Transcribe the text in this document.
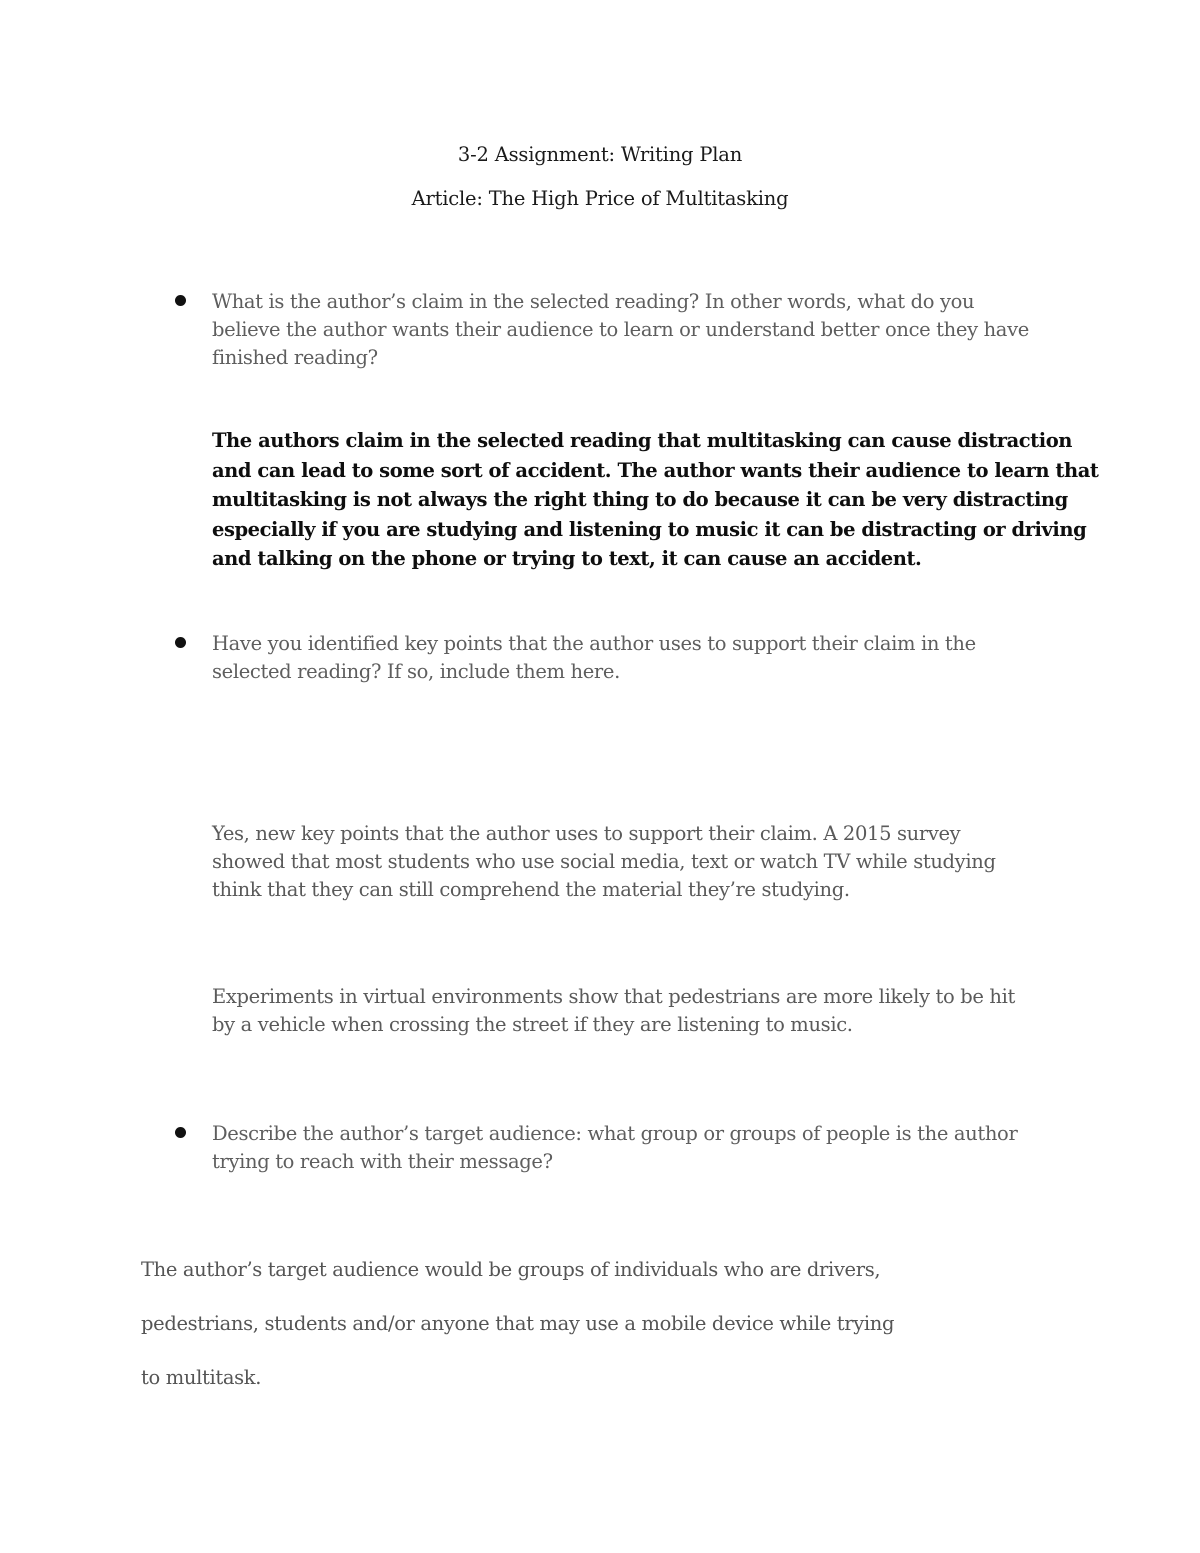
3-2 Assignment: Writing Plan
Article: The High Price of Multitasking

What is the author’s claim in the selected reading? In other words, what do you
believe the author wants their audience to learn or understand better once they have
finished reading?

The authors claim in the selected reading that multitasking can cause distraction
and can lead to some sort of accident. The author wants their audience to learn that
multitasking is not always the right thing to do because it can be very distracting
especially if you are studying and listening to music it can be distracting or driving
and talking on the phone or trying to text, it can cause an accident.

Have you identified key points that the author uses to support their claim in the
selected reading? If so, include them here.

Yes, new key points that the author uses to support their claim. A 2015 survey
showed that most students who use social media, text or watch TV while studying
think that they can still comprehend the material they’re studying.

Experiments in virtual environments show that pedestrians are more likely to be hit
by a vehicle when crossing the street if they are listening to music.

Describe the author’s target audience: what group or groups of people is the author
trying to reach with their message?

The author’s target audience would be groups of individuals who are drivers,
pedestrians, students and/or anyone that may use a mobile device while trying
to multitask.
